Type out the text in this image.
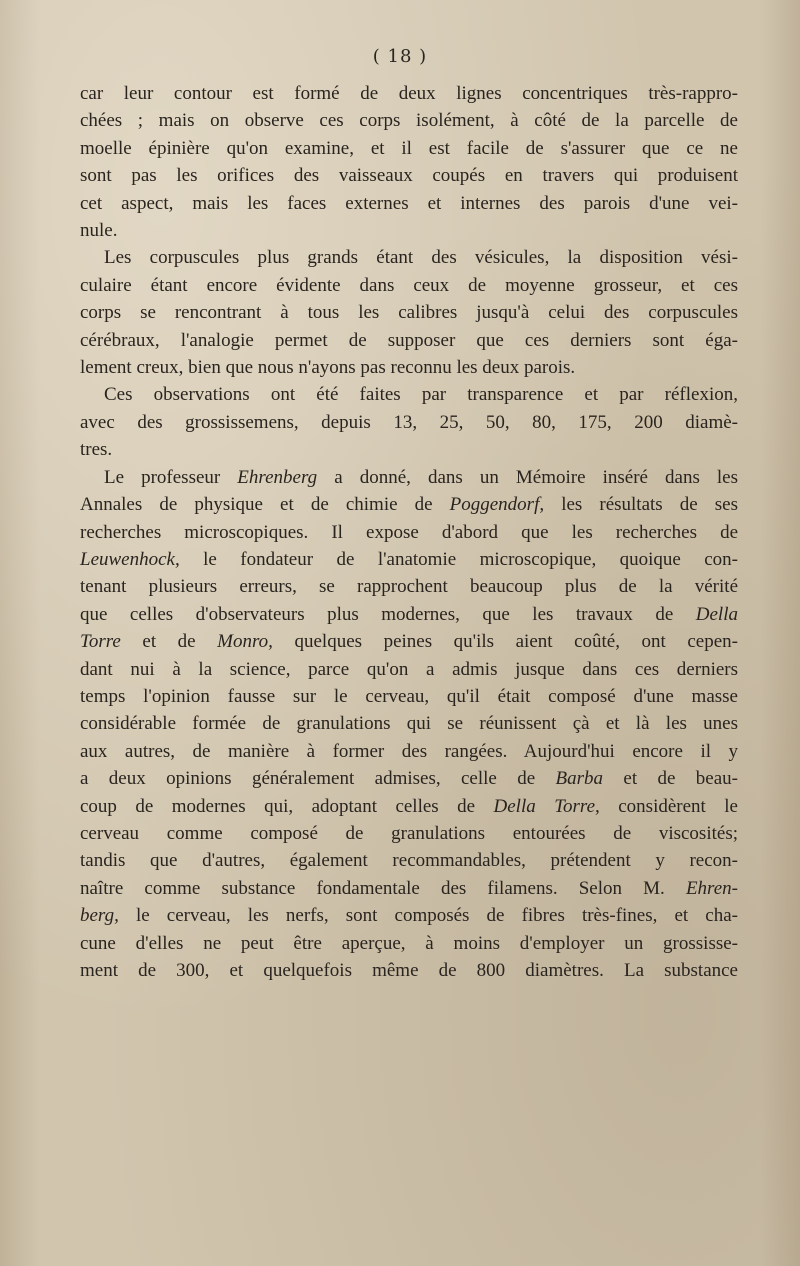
( 18 )

car leur contour est formé de deux lignes concentriques très-rappro-
chées ; mais on observe ces corps isolément, à côté de la parcelle de
moelle épinière qu'on examine, et il est facile de s'assurer que ce ne
sont pas les orifices des vaisseaux coupés en travers qui produisent
cet aspect, mais les faces externes et internes des parois d'une vei-
nule.

Les corpuscules plus grands étant des vésicules, la disposition vési-
culaire étant encore évidente dans ceux de moyenne grosseur, et ces
corps se rencontrant à tous les calibres jusqu'à celui des corpuscules
cérébraux, l'analogie permet de supposer que ces derniers sont éga-
lement creux, bien que nous n'ayons pas reconnu les deux parois.

Ces observations ont été faites par transparence et par réflexion,
avec des grossissemens, depuis 13, 25, 50, 80, 175, 200 diamè-
tres.

Le professeur Ehrenberg a donné, dans un Mémoire inséré dans les
Annales de physique et de chimie de Poggendorf, les résultats de ses
recherches microscopiques. Il expose d'abord que les recherches de
Leuwenhock, le fondateur de l'anatomie microscopique, quoique con-
tenant plusieurs erreurs, se rapprochent beaucoup plus de la vérité
que celles d'observateurs plus modernes, que les travaux de Della
Torre et de Monro, quelques peines qu'ils aient coûté, ont cepen-
dant nui à la science, parce qu'on a admis jusque dans ces derniers
temps l'opinion fausse sur le cerveau, qu'il était composé d'une masse
considérable formée de granulations qui se réunissent çà et là les unes
aux autres, de manière à former des rangées. Aujourd'hui encore il y
a deux opinions généralement admises, celle de Barba et de beau-
coup de modernes qui, adoptant celles de Della Torre, considèrent le
cerveau comme composé de granulations entourées de viscosités;
tandis que d'autres, également recommandables, prétendent y recon-
naître comme substance fondamentale des filamens. Selon M. Ehren-
berg, le cerveau, les nerfs, sont composés de fibres très-fines, et cha-
cune d'elles ne peut être aperçue, à moins d'employer un grossisse-
ment de 300, et quelquefois même de 800 diamètres. La substance
